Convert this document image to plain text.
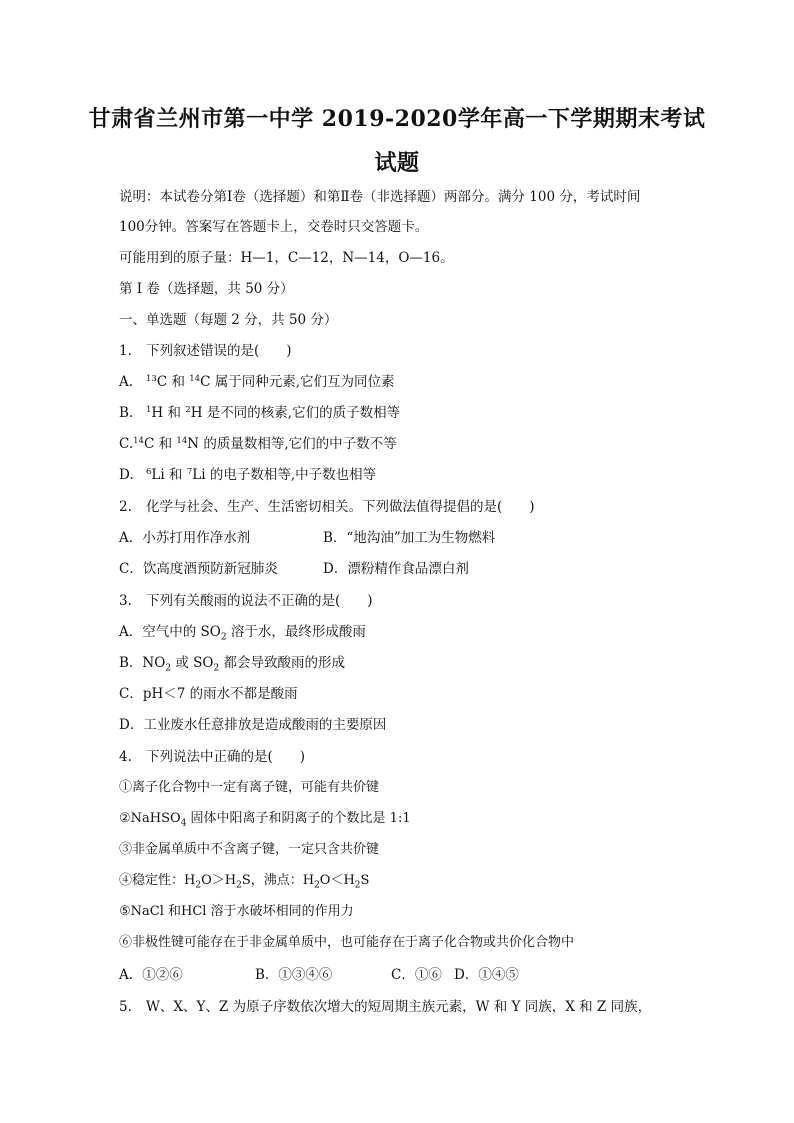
甘肃省兰州市第一中学 2019-2020学年高一下学期期末考试
试题
说明：本试卷分第Ⅰ卷（选择题）和第Ⅱ卷（非选择题）两部分。满分 100 分，考试时间
100分钟。答案写在答题卡上，交卷时只交答题卡。
可能用到的原子量：H—1，C—12，N—14，O—16。
第 I 卷（选择题，共 50 分）
一、单选题（每题 2 分，共 50 分）
1. 下列叙述错误的是(　　)
A. $^{13}$C 和 $^{14}$C 属于同种元素,它们互为同位素
B. $^1$H 和 $^2$H 是不同的核素,它们的质子数相等
C.$^{14}$C 和 $^{14}$N 的质量数相等,它们的中子数不等
D. $^6$Li 和 $^7$Li 的电子数相等,中子数也相等
2. 化学与社会、生产、生活密切相关。下列做法值得提倡的是(　　)
A．小苏打用作净水剂	B．“地沟油”加工为生物燃料
C．饮高度酒预防新冠肺炎	D．漂粉精作食品漂白剂
3. 下列有关酸雨的说法不正确的是(　　)
A．空气中的 $SO_2$ 溶于水，最终形成酸雨
B．$NO_2$ 或 $SO_2$ 都会导致酸雨的形成
C．pH＜7 的雨水不都是酸雨
D．工业废水任意排放是造成酸雨的主要原因
4. 下列说法中正确的是(　　)
①离子化合物中一定有离子键，可能有共价键
②NaHSO$_4$ 固体中阳离子和阴离子的个数比是 1:1
③非金属单质中不含离子键，一定只含共价键
④稳定性：$H_2O>H_2S$，沸点：$H_2O<H_2S$
⑤NaCl 和HCl 溶于水破坏相同的作用力
⑥非极性键可能存在于非金属单质中，也可能存在于离子化合物或共价化合物中
A．①②⑥	B．①③④⑥	C．①⑥ D．①④⑤
5. W、X、Y、Z 为原子序数依次增大的短周期主族元素，W 和 Y 同族，X 和 Z 同族，
